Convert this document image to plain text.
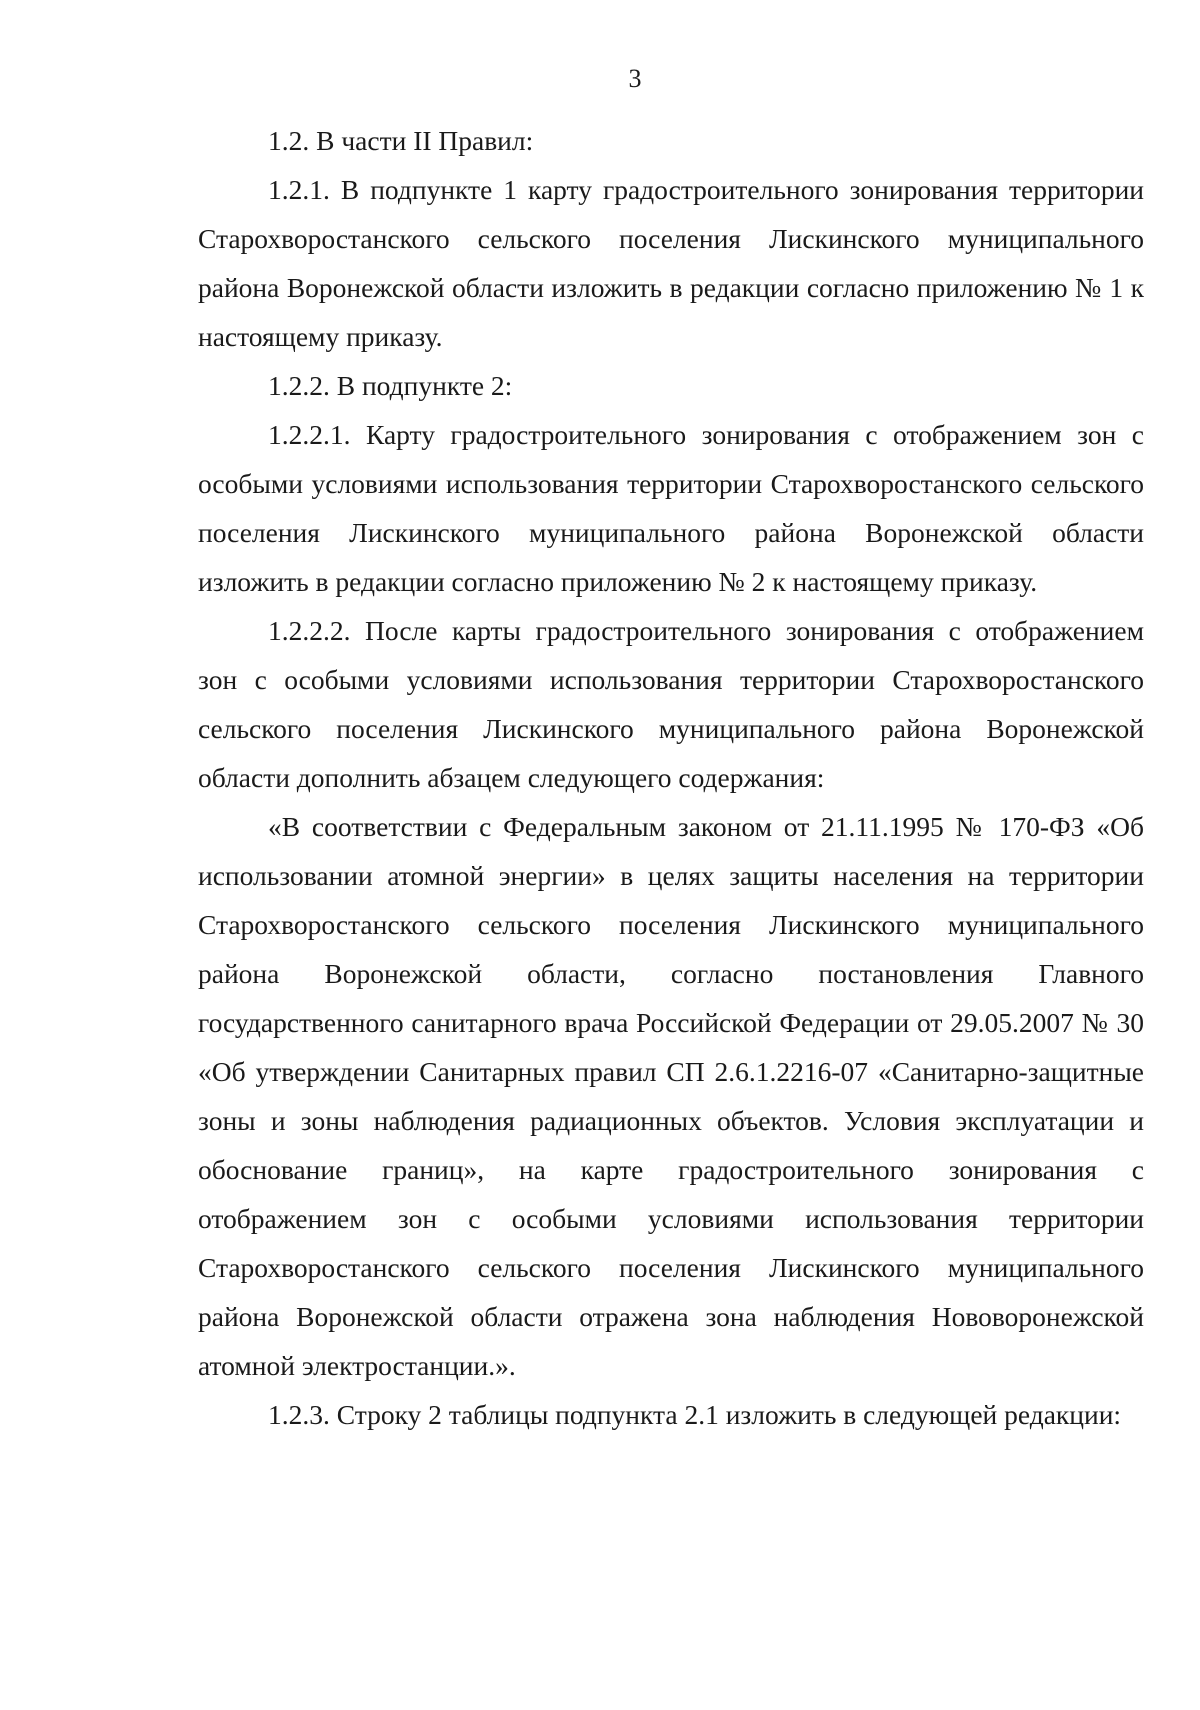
3

1.2. В части II Правил:

1.2.1. В подпункте 1 карту градостроительного зонирования территории Старохворостанского сельского поселения Лискинского муниципального района Воронежской области изложить в редакции согласно приложению № 1 к настоящему приказу.

1.2.2. В подпункте 2:

1.2.2.1. Карту градостроительного зонирования с отображением зон с особыми условиями использования территории Старохворостанского сельского поселения Лискинского муниципального района Воронежской области изложить в редакции согласно приложению № 2 к настоящему приказу.

1.2.2.2. После карты градостроительного зонирования с отображением зон с особыми условиями использования территории Старохворостанского сельского поселения Лискинского муниципального района Воронежской области дополнить абзацем следующего содержания:

«В соответствии с Федеральным законом от 21.11.1995 № 170-ФЗ «Об использовании атомной энергии» в целях защиты населения на территории Старохворостанского сельского поселения Лискинского муниципального района Воронежской области, согласно постановления Главного государственного санитарного врача Российской Федерации от 29.05.2007 № 30 «Об утверждении Санитарных правил СП 2.6.1.2216-07 «Санитарно-защитные зоны и зоны наблюдения радиационных объектов. Условия эксплуатации и обоснование границ», на карте градостроительного зонирования с отображением зон с особыми условиями использования территории Старохворостанского сельского поселения Лискинского муниципального района Воронежской области отражена зона наблюдения Нововоронежской атомной электростанции.».

1.2.3. Строку 2 таблицы подпункта 2.1 изложить в следующей редакции:
